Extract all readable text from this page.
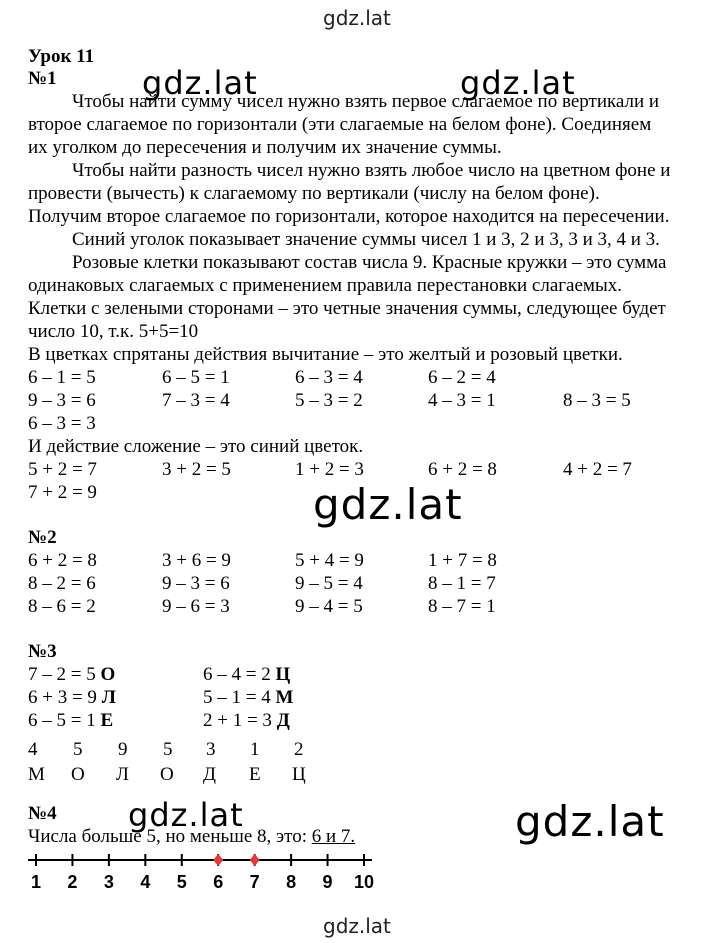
gdz.lat
gdz.lat	gdz.lat
gdz.lat
gdz.lat	gdz.lat
gdz.lat
Урок 11
№1
Чтобы найти сумму чисел нужно взять первое слагаемое по вертикали и
второе слагаемое по горизонтали (эти слагаемые на белом фоне). Соединяем
их уголком до пересечения и получим их значение суммы.
Чтобы найти разность чисел нужно взять любое число на цветном фоне и
провести (вычесть) к слагаемому по вертикали (числу на белом фоне).
Получим второе слагаемое по горизонтали, которое находится на пересечении.
Синий уголок показывает значение суммы чисел 1 и 3, 2 и 3, 3 и 3, 4 и 3.
Розовые клетки показывают состав числа 9. Красные кружки – это сумма
одинаковых слагаемых с применением правила перестановки слагаемых.
Клетки с зелеными сторонами – это четные значения суммы, следующее будет
число 10, т.к. 5+5=10
В цветках спрятаны действия вычитание – это желтый и розовый цветки.
6 – 1 = 5	6 – 5 = 1	6 – 3 = 4	6 – 2 = 4
9 – 3 = 6	7 – 3 = 4	5 – 3 = 2	4 – 3 = 1	8 – 3 = 5
6 – 3 = 3
И действие сложение – это синий цветок.
5 + 2 = 7	3 + 2 = 5	1 + 2 = 3	6 + 2 = 8	4 + 2 = 7
7 + 2 = 9
№2
6 + 2 = 8	3 + 6 = 9	5 + 4 = 9	1 + 7 = 8
8 – 2 = 6	9 – 3 = 6	9 – 5 = 4	8 – 1 = 7
8 – 6 = 2	9 – 6 = 3	9 – 4 = 5	8 – 7 = 1
№3
7 – 2 = 5 О	6 – 4 = 2 Ц
6 + 3 = 9 Л	5 – 1 = 4 М
6 – 5 = 1 Е	2 + 1 = 3 Д
4 5 9 5 3 1 2
М О Л О Д Е Ц
№4
Числа больше 5, но меньше 8, это: 6 и 7.
1 2 3 4 5 6 7 8 9 10
